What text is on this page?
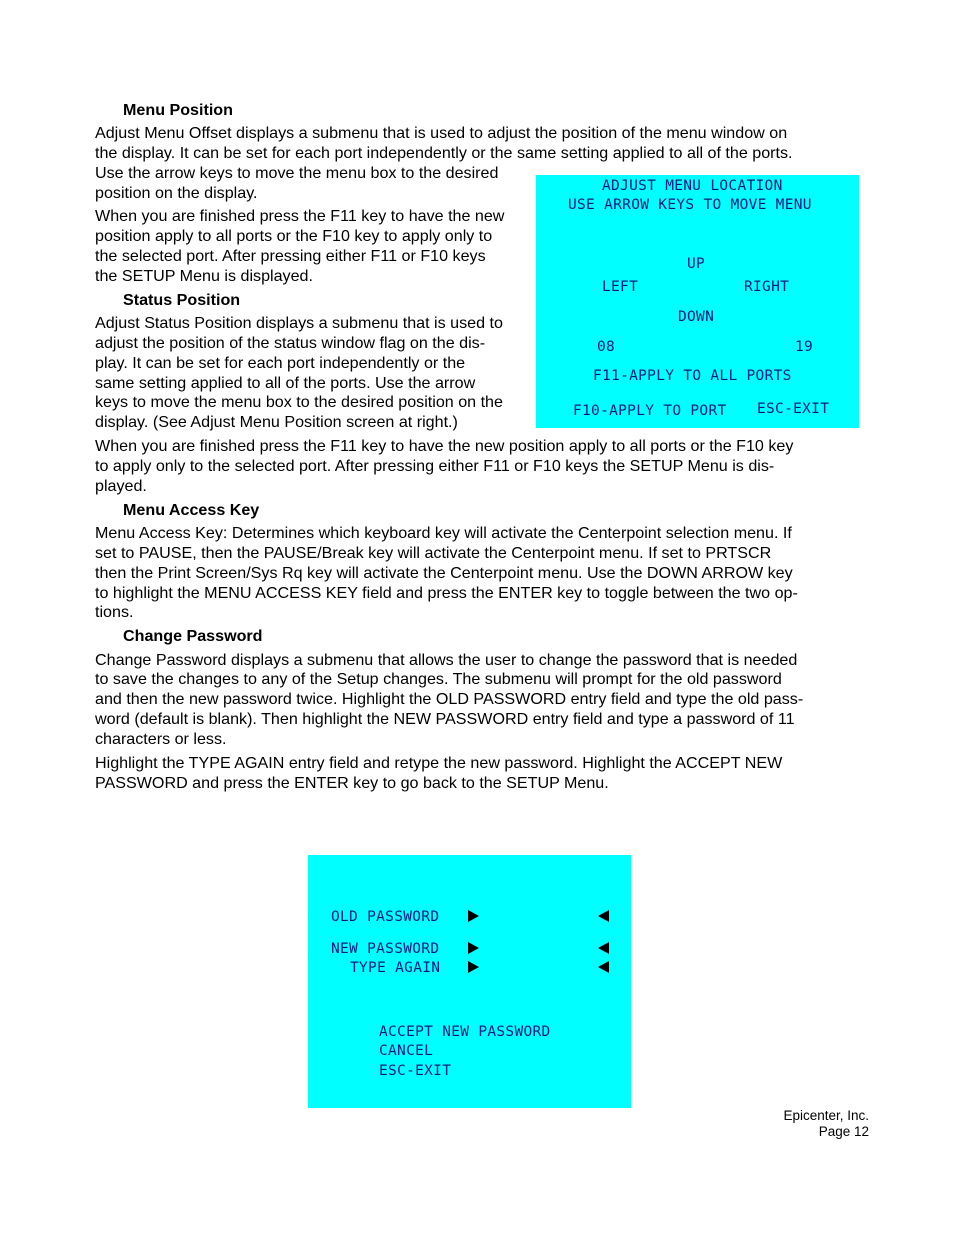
Menu Position
Adjust Menu Offset displays a submenu that is used to adjust the position of the menu window on
the display. It can be set for each port independently or the same setting applied to all of the ports.
Use the arrow keys to move the menu box to the desired
position on the display.
When you are finished press the F11 key to have the new
position apply to all ports or the F10 key to apply only to
the selected port. After pressing either F11 or F10 keys
the SETUP Menu is displayed.
Status Position
Adjust Status Position displays a submenu that is used to
adjust the position of the status window flag on the dis-
play. It can be set for each port independently or the
same setting applied to all of the ports. Use the arrow
keys to move the menu box to the desired position on the
display. (See Adjust Menu Position screen at right.)
When you are finished press the F11 key to have the new position apply to all ports or the F10 key
to apply only to the selected port. After pressing either F11 or F10 keys the SETUP Menu is dis-
played.
Menu Access Key
Menu Access Key: Determines which keyboard key will activate the Centerpoint selection menu. If
set to PAUSE, then the PAUSE/Break key will activate the Centerpoint menu. If set to PRTSCR
then the Print Screen/Sys Rq key will activate the Centerpoint menu. Use the DOWN ARROW key
to highlight the MENU ACCESS KEY field and press the ENTER key to toggle between the two op-
tions.
Change Password
Change Password displays a submenu that allows the user to change the password that is needed
to save the changes to any of the Setup changes. The submenu will prompt for the old password
and then the new password twice. Highlight the OLD PASSWORD entry field and type the old pass-
word (default is blank). Then highlight the NEW PASSWORD entry field and type a password of 11
characters or less.
Highlight the TYPE AGAIN entry field and retype the new password. Highlight the ACCEPT NEW
PASSWORD and press the ENTER key to go back to the SETUP Menu.
ADJUST MENU LOCATION
USE ARROW KEYS TO MOVE MENU
UP
LEFT	RIGHT
DOWN
08	19
F11-APPLY TO ALL PORTS
F10-APPLY TO PORT ESC-EXIT
OLD PASSWORD
NEW PASSWORD
TYPE AGAIN
ACCEPT NEW PASSWORD
CANCEL
ESC-EXIT
Epicenter, Inc.
Page 12
